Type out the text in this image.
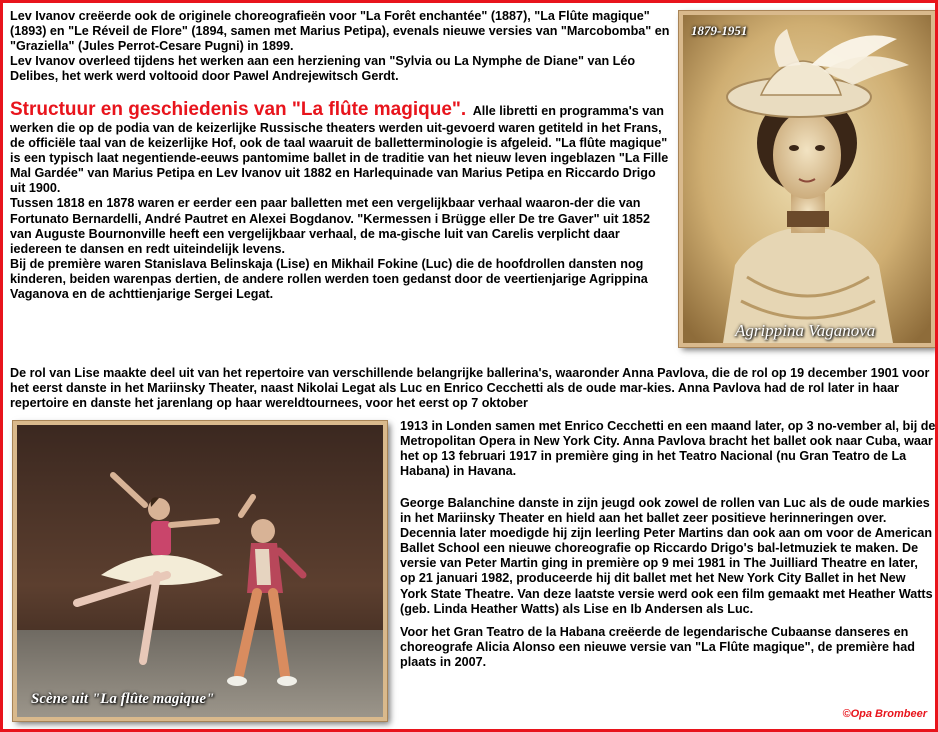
Lev Ivanov creëerde ook de originele choreografieën voor "La Forêt enchantée" (1887), "La Flûte magique" (1893) en "Le Réveil de Flore" (1894, samen met Marius Petipa), evenals nieuwe versies van "Marcobomba" en "Graziella" (Jules Perrot-Cesare Pugni) in 1899.

Lev Ivanov overleed tijdens het werken aan een herziening van "Sylvia ou La Nymphe de Diane" van Léo Delibes, het werk werd voltooid door Pawel Andrejewitsch Gerdt.

Structuur en geschiedenis van "La flûte magique". Alle libretti en programma's van werken die op de podia van de keizerlijke Russische theaters werden uit-gevoerd waren getiteld in het Frans, de officiële taal van de keizerlijke Hof, ook de taal waaruit de balletterminologie is afgeleid. "La flûte magique" is een typisch laat negentiende-eeuws pantomime ballet in de traditie van het nieuw leven ingeblazen "La Fille Mal Gardée" van Marius Petipa en Lev Ivanov uit 1882 en Harlequinade van Marius Petipa en Riccardo Drigo uit 1900.

Tussen 1818 en 1878 waren er eerder een paar balletten met een vergelijkbaar verhaal waaron-der die van Fortunato Bernardelli, André Pautret en Alexei Bogdanov. "Kermessen i Brügge eller De tre Gaver" uit 1852 van Auguste Bournonville heeft een vergelijkbaar verhaal, de ma-gische luit van Carelis verplicht daar iedereen te dansen en redt uiteindelijk levens.

Bij de première waren Stanislava Belinskaja (Lise) en Mikhail Fokine (Luc) die de hoofdrollen dansten nog kinderen, beiden warenpas dertien, de andere rollen werden toen gedanst door de veertienjarige Agrippina Vaganova en de achttienjarige Sergei Legat.

1879-1951
Agrippina Vaganova

De rol van Lise maakte deel uit van het repertoire van verschillende belangrijke ballerina's, waaronder Anna Pavlova, die de rol op 19 december 1901 voor het eerst danste in het Mariinsky Theater, naast Nikolai Legat als Luc en Enrico Cecchetti als de oude mar-kies. Anna Pavlova had de rol later in haar repertoire en danste het jarenlang op haar wereldtournees, voor het eerst op 7 oktober

1913 in Londen samen met Enrico Cecchetti en een maand later, op 3 no-vember al, bij de Metropolitan Opera in New York City. Anna Pavlova bracht het ballet ook naar Cuba, waar het op 13 februari 1917 in première ging in het Teatro Nacional (nu Gran Teatro de La Habana) in Havana.

Scène uit "La flûte magique"

George Balanchine danste in zijn jeugd ook zowel de rollen van Luc als de oude markies in het Mariinsky Theater en hield aan het ballet zeer positieve herinneringen over.

Decennia later moedigde hij zijn leerling Peter Martins dan ook aan om voor de American Ballet School een nieuwe choreografie op Riccardo Drigo's bal-letmuziek te maken. De versie van Peter Martin ging in première op 9 mei 1981 in The Juilliard Theatre en later, op 21 januari 1982, produceerde hij dit ballet met het New York City Ballet in het New York State Theatre. Van deze laatste versie werd ook een film gemaakt met Heather Watts (geb. Linda Heather Watts) als Lise en Ib Andersen als Luc.

Voor het Gran Teatro de la Habana creëerde de legendarische Cubaanse danseres en choreografe Alicia Alonso een nieuwe versie van "La Flûte magique", de première had plaats in 2007.

©Opa Brombeer
